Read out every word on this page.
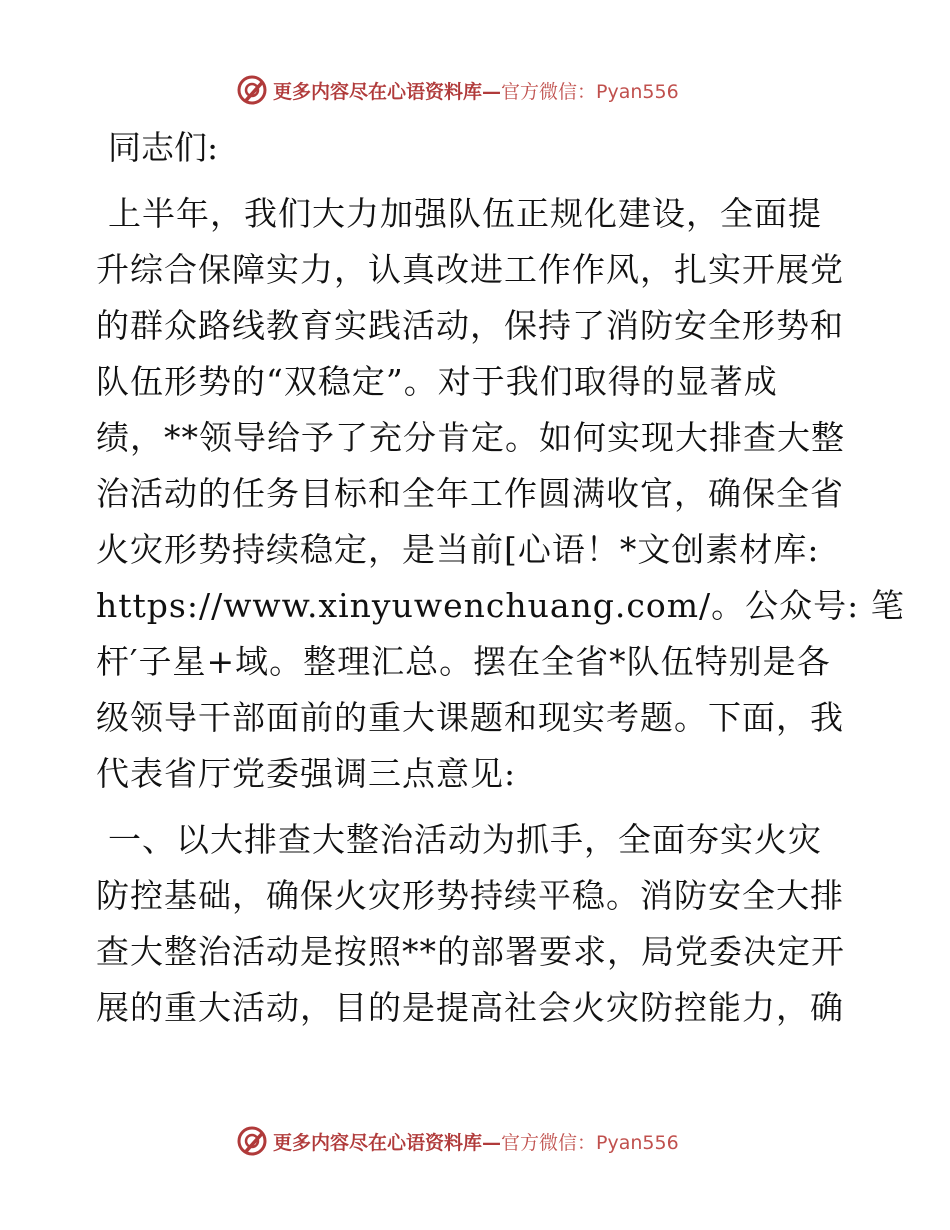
更多内容尽在心语资料库— 官方微信：Pyan556
同志们:
上半年，我们大力加强队伍正规化建设，全面提
升综合保障实力，认真改进工作作风，扎实开展党
的群众路线教育实践活动，保持了消防安全形势和
队伍形势的“双稳定”。对于我们取得的显著成
绩，**领导给予了充分肯定。如何实现大排查大整
治活动的任务目标和全年工作圆满收官，确保全省
火灾形势持续稳定，是当前[心语！*文创素材库:
https://www.xinyuwenchuang.com/。公众号: 笔
杆′子星+域。整理汇总。摆在全省*队伍特别是各
级领导干部面前的重大课题和现实考题。下面，我
代表省厅党委强调三点意见:
一、以大排查大整治活动为抓手，全面夯实火灾
防控基础，确保火灾形势持续平稳。消防安全大排
查大整治活动是按照**的部署要求，局党委决定开
展的重大活动，目的是提高社会火灾防控能力，确
更多内容尽在心语资料库— 官方微信：Pyan556
